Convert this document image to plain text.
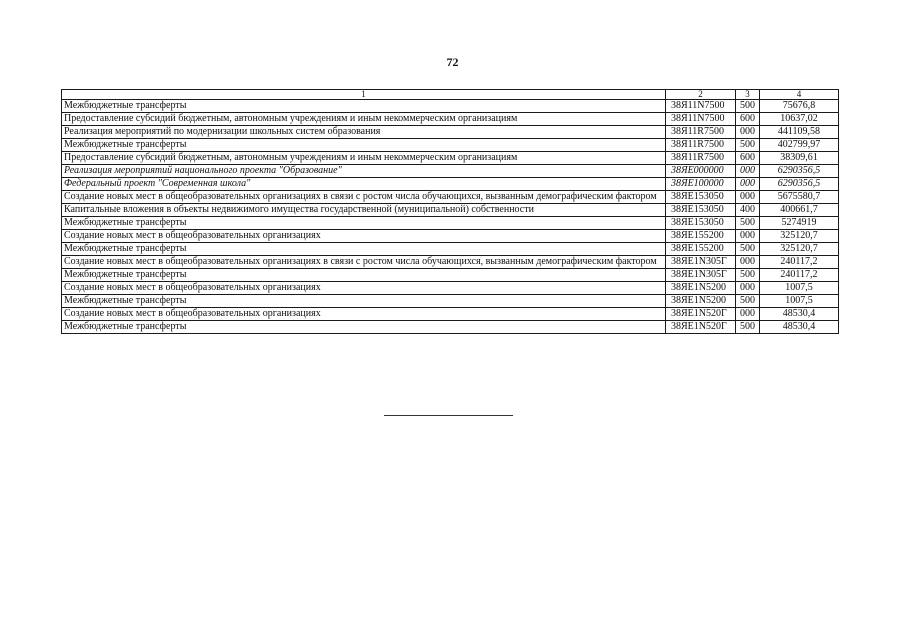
72
1	2	3	4
Межбюджетные трансферты	38Я11N7500	500	75676,8
Предоставление субсидий бюджетным, автономным учреждениям и иным некоммерческим организациям	38Я11N7500	600	10637,02
Реализация мероприятий по модернизации школьных систем образования	38Я11R7500	000	441109,58
Межбюджетные трансферты	38Я11R7500	500	402799,97
Предоставление субсидий бюджетным, автономным учреждениям и иным некоммерческим организациям	38Я11R7500	600	38309,61
Реализация мероприятий национального проекта "Образование"	38ЯE000000	000	6290356,5
Федеральный проект "Современная школа"	38ЯE100000	000	6290356,5
Создание новых мест в общеобразовательных организациях в связи с ростом числа обучающихся, вызванным демографическим фактором	38ЯE153050	000	5675580,7
Капитальные вложения в объекты недвижимого имущества государственной (муниципальной) собственности	38ЯE153050	400	400661,7
Межбюджетные трансферты	38ЯE153050	500	5274919
Создание новых мест в общеобразовательных организациях	38ЯE155200	000	325120,7
Межбюджетные трансферты	38ЯE155200	500	325120,7
Создание новых мест в общеобразовательных организациях в связи с ростом числа обучающихся, вызванным демографическим фактором	38ЯE1N305Г	000	240117,2
Межбюджетные трансферты	38ЯE1N305Г	500	240117,2
Создание новых мест в общеобразовательных организациях	38ЯE1N5200	000	1007,5
Межбюджетные трансферты	38ЯE1N5200	500	1007,5
Создание новых мест в общеобразовательных организациях	38ЯE1N520Г	000	48530,4
Межбюджетные трансферты	38ЯE1N520Г	500	48530,4
